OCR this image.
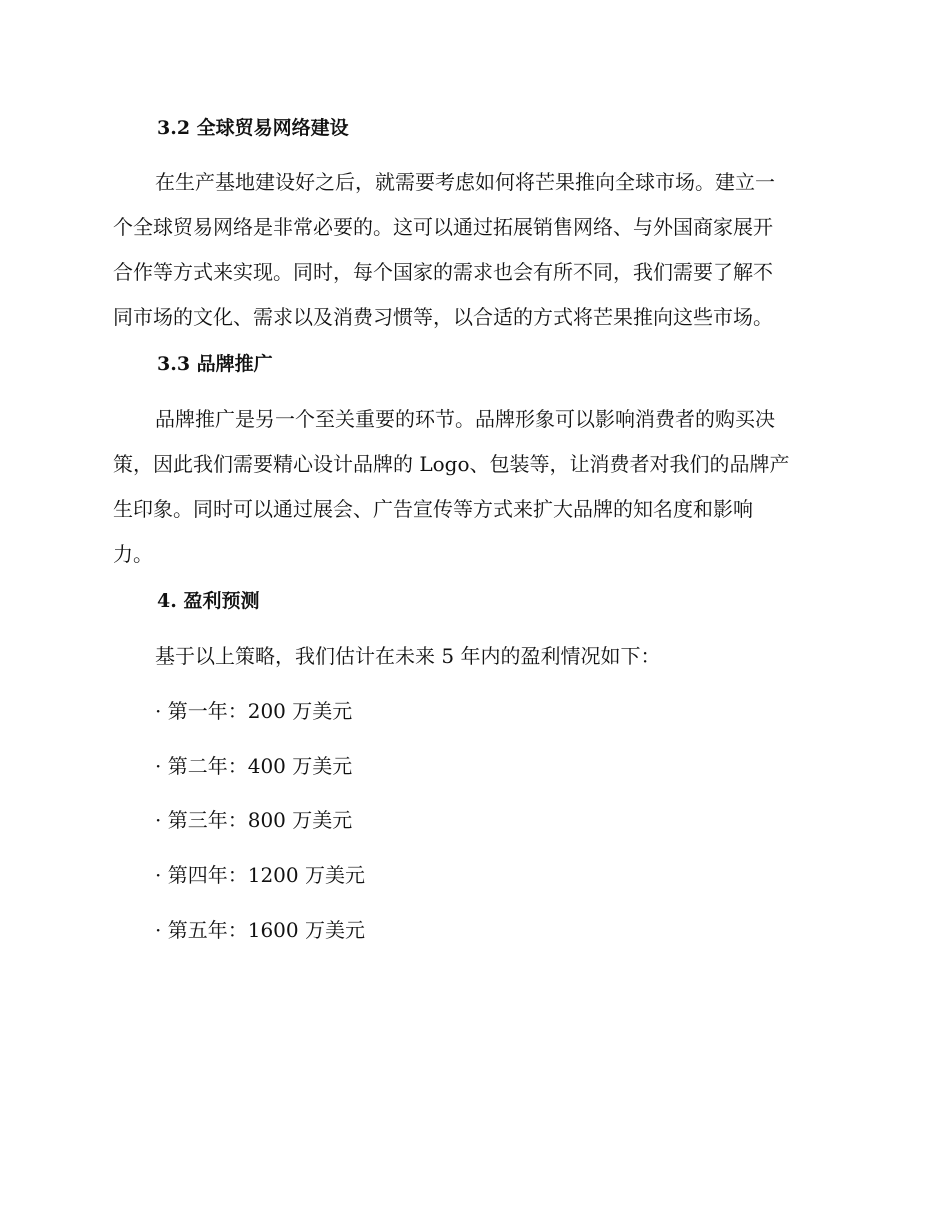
3.2 全球贸易网络建设

在生产基地建设好之后，就需要考虑如何将芒果推向全球市场。建立一
个全球贸易网络是非常必要的。这可以通过拓展销售网络、与外国商家展开
合作等方式来实现。同时，每个国家的需求也会有所不同，我们需要了解不
同市场的文化、需求以及消费习惯等，以合适的方式将芒果推向这些市场。

3.3 品牌推广

品牌推广是另一个至关重要的环节。品牌形象可以影响消费者的购买决
策，因此我们需要精心设计品牌的 Logo、包装等，让消费者对我们的品牌产
生印象。同时可以通过展会、广告宣传等方式来扩大品牌的知名度和影响
力。

4. 盈利预测
基于以上策略，我们估计在未来 5 年内的盈利情况如下：
· 第一年：200 万美元
· 第二年：400 万美元
· 第三年：800 万美元
· 第四年：1200 万美元
· 第五年：1600 万美元
